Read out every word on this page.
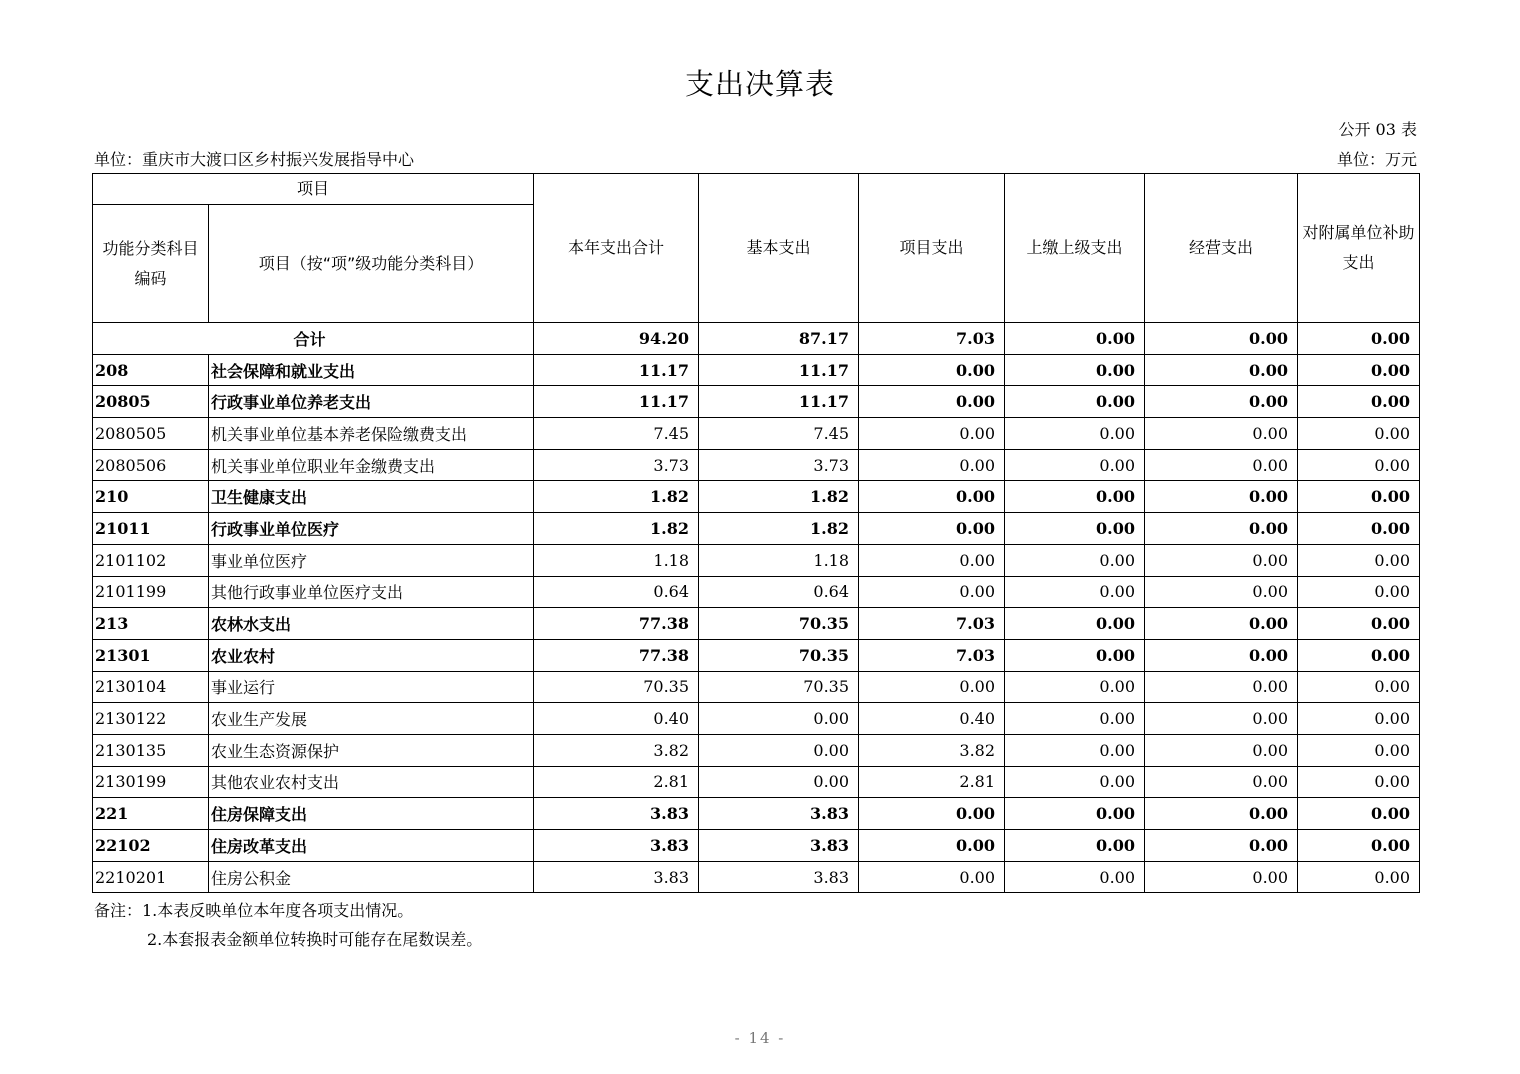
支出决算表
公开 03 表
单位：重庆市大渡口区乡村振兴发展指导中心	单位：万元
项目		本年支出合计	基本支出	项目支出	上缴上级支出	经营支出	对附属单位补助支出
功能分类科目编码	项目（按“项”级功能分类科目）						
合计		94.20	87.17	7.03	0.00	0.00	0.00
208	社会保障和就业支出	11.17	11.17	0.00	0.00	0.00	0.00
20805	行政事业单位养老支出	11.17	11.17	0.00	0.00	0.00	0.00
2080505	机关事业单位基本养老保险缴费支出	7.45	7.45	0.00	0.00	0.00	0.00
2080506	机关事业单位职业年金缴费支出	3.73	3.73	0.00	0.00	0.00	0.00
210	卫生健康支出	1.82	1.82	0.00	0.00	0.00	0.00
21011	行政事业单位医疗	1.82	1.82	0.00	0.00	0.00	0.00
2101102	事业单位医疗	1.18	1.18	0.00	0.00	0.00	0.00
2101199	其他行政事业单位医疗支出	0.64	0.64	0.00	0.00	0.00	0.00
213	农林水支出	77.38	70.35	7.03	0.00	0.00	0.00
21301	农业农村	77.38	70.35	7.03	0.00	0.00	0.00
2130104	事业运行	70.35	70.35	0.00	0.00	0.00	0.00
2130122	农业生产发展	0.40	0.00	0.40	0.00	0.00	0.00
2130135	农业生态资源保护	3.82	0.00	3.82	0.00	0.00	0.00
2130199	其他农业农村支出	2.81	0.00	2.81	0.00	0.00	0.00
221	住房保障支出	3.83	3.83	0.00	0.00	0.00	0.00
22102	住房改革支出	3.83	3.83	0.00	0.00	0.00	0.00
2210201	住房公积金	3.83	3.83	0.00	0.00	0.00	0.00
备注：1.本表反映单位本年度各项支出情况。
2.本套报表金额单位转换时可能存在尾数误差。
- 14 -
